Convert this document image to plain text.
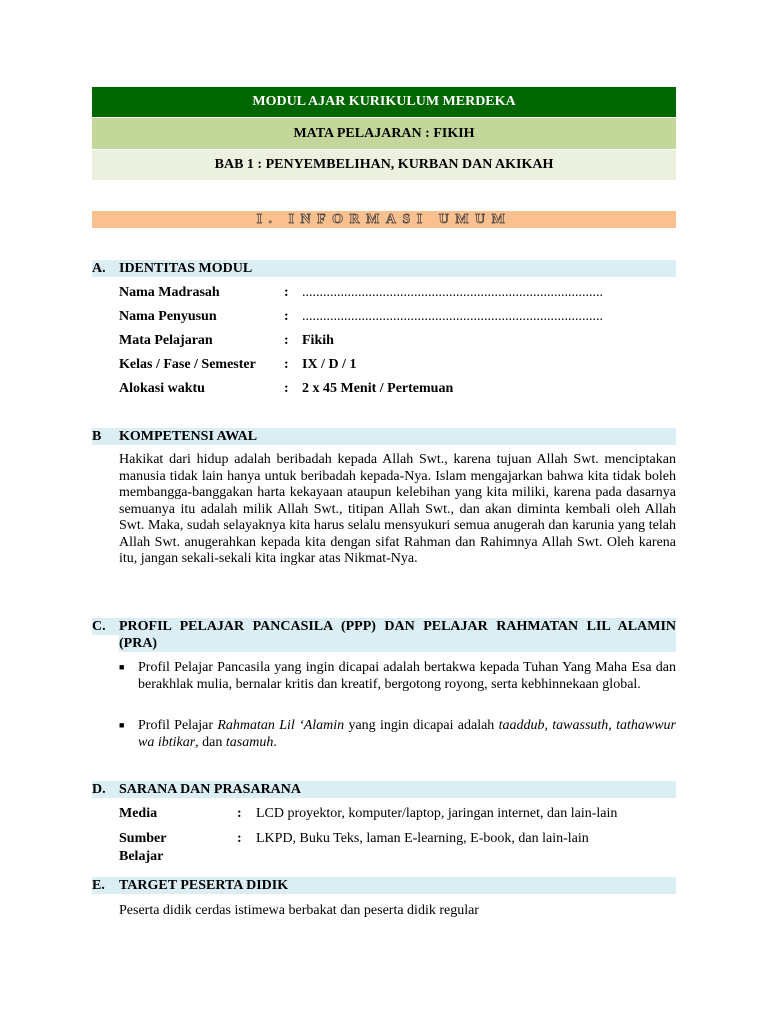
MODUL AJAR KURIKULUM MERDEKA
MATA PELAJARAN : FIKIH
BAB 1 : PENYEMBELIHAN, KURBAN DAN AKIKAH
I. INFORMASI UMUM
A. IDENTITAS MODUL
Nama Madrasah	: ......................................................................................
Nama Penyusun	: ......................................................................................
Mata Pelajaran	: Fikih
Kelas / Fase / Semester : IX / D / 1
Alokasi waktu	: 2 x 45 Menit / Pertemuan
B KOMPETENSI AWAL
Hakikat dari hidup adalah beribadah kepada Allah Swt., karena tujuan Allah Swt. menciptakan manusia tidak lain hanya untuk beribadah kepada-Nya. Islam mengajarkan bahwa kita tidak boleh membangga-banggakan harta kekayaan ataupun kelebihan yang kita miliki, karena pada dasarnya semuanya itu adalah milik Allah Swt., titipan Allah Swt., dan akan diminta kembali oleh Allah Swt. Maka, sudah selayaknya kita harus selalu mensyukuri semua anugerah dan karunia yang telah Allah Swt. anugerahkan kepada kita dengan sifat Rahman dan Rahimnya Allah Swt. Oleh karena itu, jangan sekali-sekali kita ingkar atas Nikmat-Nya.
C. PROFIL PELAJAR PANCASILA (PPP) DAN PELAJAR RAHMATAN LIL ALAMIN (PRA)
■ Profil Pelajar Pancasila yang ingin dicapai adalah bertakwa kepada Tuhan Yang Maha Esa dan berakhlak mulia, bernalar kritis dan kreatif, bergotong royong, serta kebhinnekaan global.
■ Profil Pelajar Rahmatan Lil ‘Alamin yang ingin dicapai adalah taaddub, tawassuth, tathawwur wa ibtikar, dan tasamuh.
D. SARANA DAN PRASARANA
Media	: LCD proyektor, komputer/laptop, jaringan internet, dan lain-lain
Sumber Belajar
: LKPD, Buku Teks, laman E-learning, E-book, dan lain-lain
E. TARGET PESERTA DIDIK
Peserta didik cerdas istimewa berbakat dan peserta didik regular
